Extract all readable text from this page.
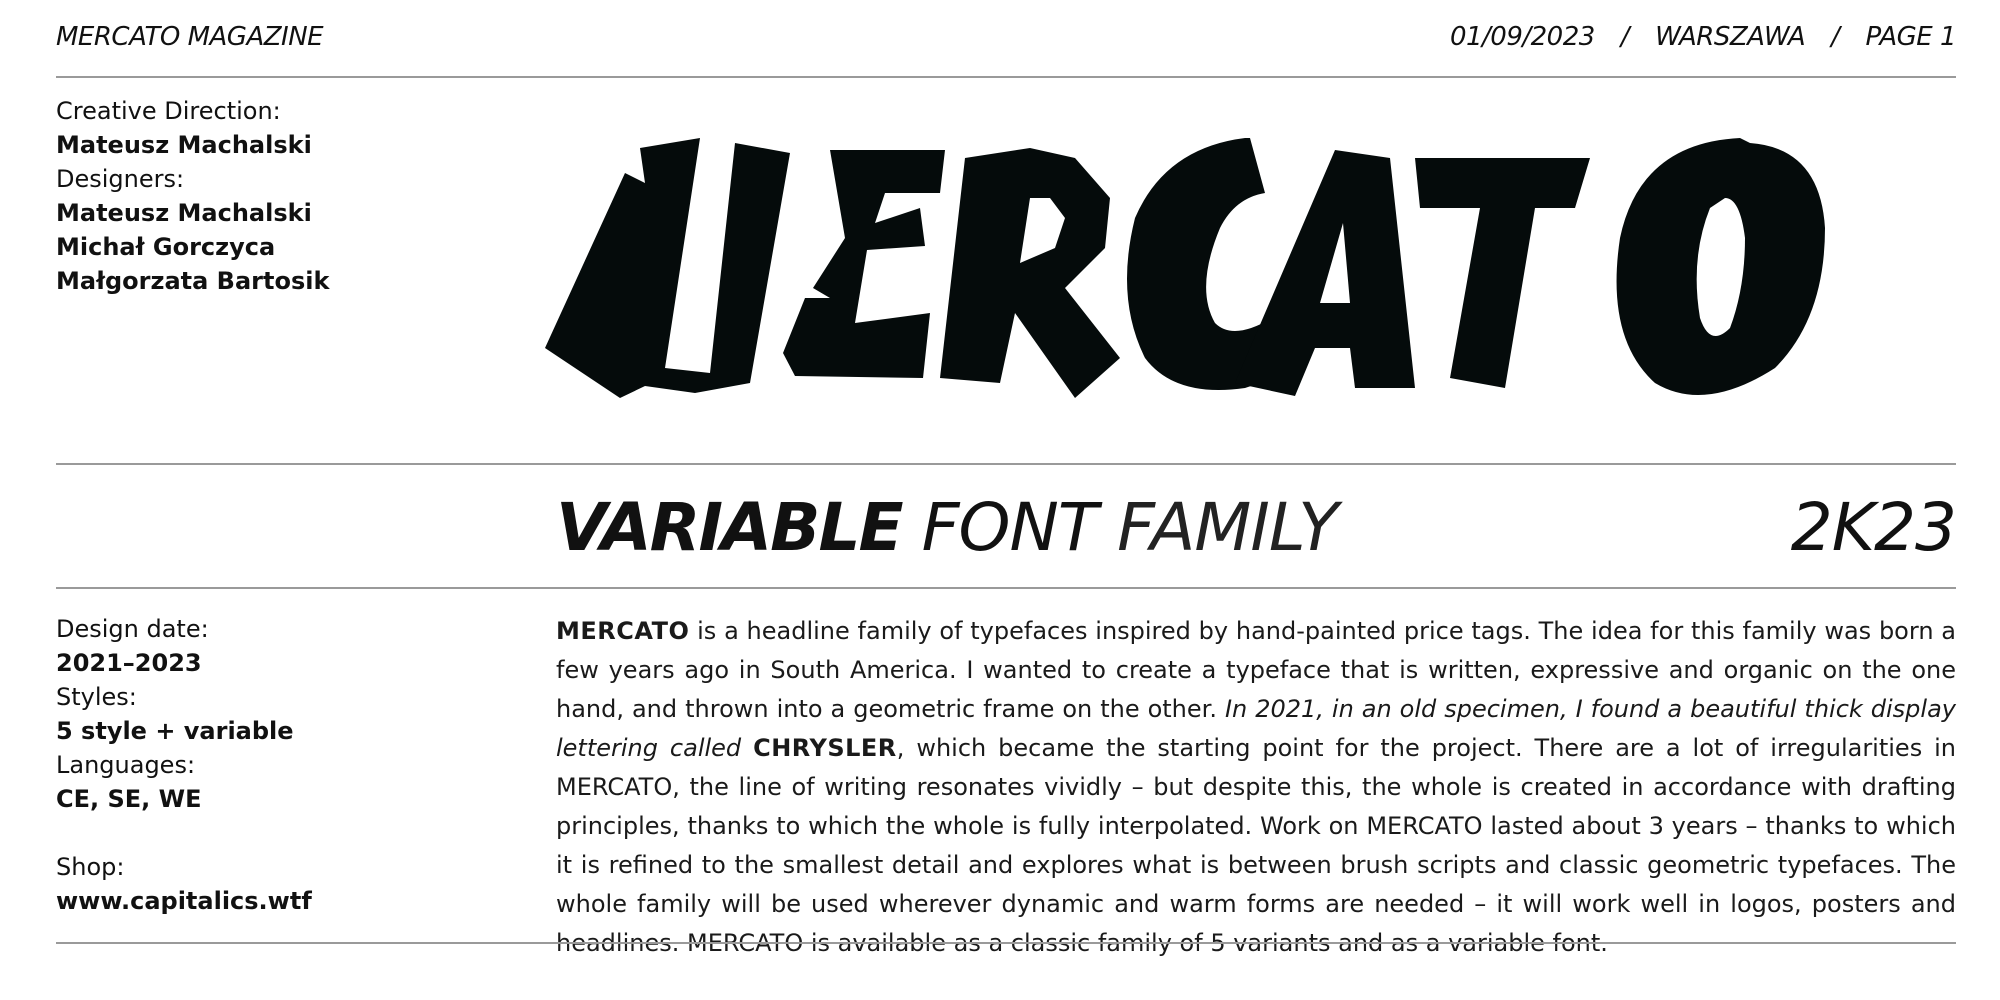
MERCATO MAGAZINE	01/09/2023 / WARSZAWA / PAGE 1
Creative Direction:
Mateusz Machalski
Designers:
Mateusz Machalski
Michał Gorczyca
Małgorzata Bartosik
MERCATO
VARIABLE FONT FAMILY	2K23
Design date:
2021–2023
Styles:
5 style + variable
Languages:
CE, SE, WE
Shop:
www.capitalics.wtf
MERCATO is a headline family of typefaces inspired by hand-painted price tags. The idea for this family was born a few years ago in South America. I wanted to create a typeface that is written, expressive and organic on the one hand, and thrown into a geometric frame on the other. In 2021, in an old specimen, I found a beautiful thick display lettering called CHRYSLER, which became the starting point for the project. There are a lot of irregularities in MERCATO, the line of writing resonates vividly – but despite this, the whole is created in accordance with drafting principles, thanks to which the whole is fully interpolated. Work on MERCATO lasted about 3 years – thanks to which it is refined to the smallest detail and explores what is between brush scripts and classic geometric typefaces. The whole family will be used wherever dynamic and warm forms are needed – it will work well in logos, posters and headlines. MERCATO is available as a classic family of 5 variants and as a variable font.
